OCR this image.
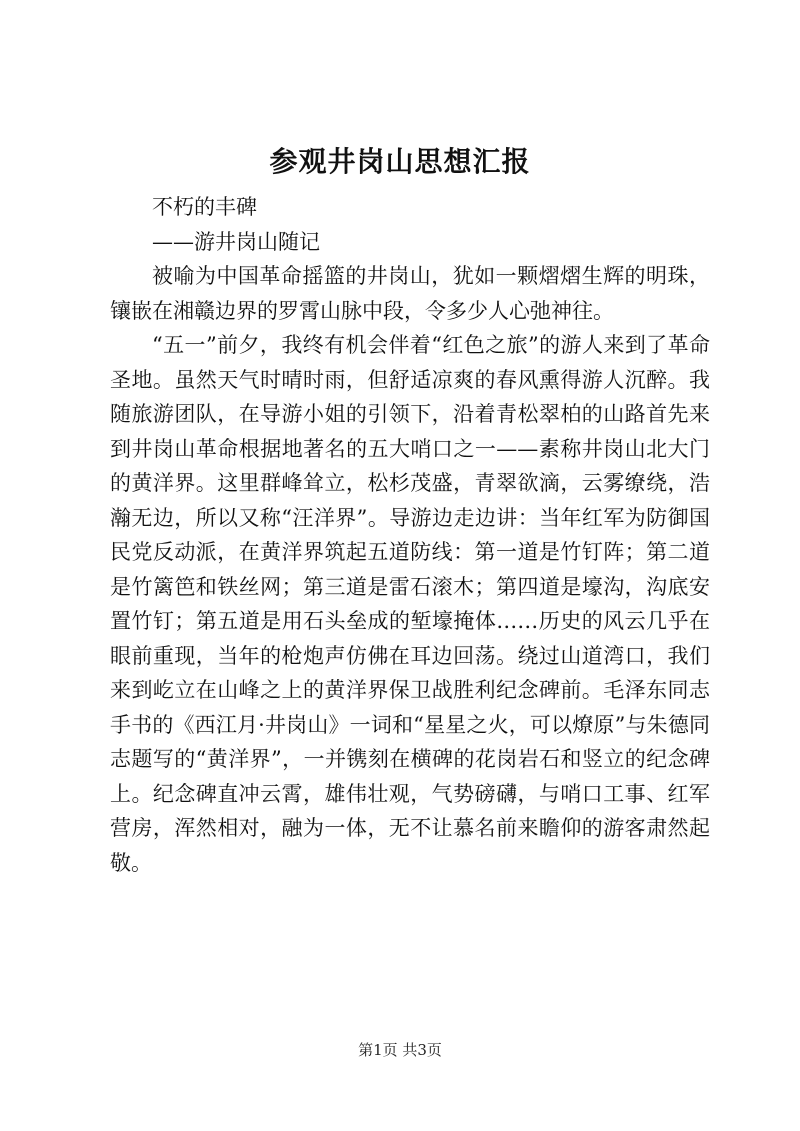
参观井岗山思想汇报

不朽的丰碑

——游井岗山随记

被喻为中国革命摇篮的井岗山，犹如一颗熠熠生辉的明珠，镶嵌在湘赣边界的罗霄山脉中段，令多少人心弛神往。

“五一”前夕，我终有机会伴着“红色之旅”的游人来到了革命圣地。虽然天气时晴时雨，但舒适凉爽的春风熏得游人沉醉。我随旅游团队，在导游小姐的引领下，沿着青松翠柏的山路首先来到井岗山革命根据地著名的五大哨口之一——素称井岗山北大门的黄洋界。这里群峰耸立，松杉茂盛，青翠欲滴，云雾缭绕，浩瀚无边，所以又称“汪洋界”。导游边走边讲：当年红军为防御国民党反动派，在黄洋界筑起五道防线：第一道是竹钉阵；第二道是竹篱笆和铁丝网；第三道是雷石滚木；第四道是壕沟，沟底安置竹钉；第五道是用石头垒成的堑壕掩体……历史的风云几乎在眼前重现，当年的枪炮声仿佛在耳边回荡。绕过山道湾口，我们来到屹立在山峰之上的黄洋界保卫战胜利纪念碑前。毛泽东同志手书的《西江月·井岗山》一词和“星星之火，可以燎原”与朱德同志题写的“黄洋界”，一并镌刻在横碑的花岗岩石和竖立的纪念碑上。纪念碑直冲云霄，雄伟壮观，气势磅礴，与哨口工事、红军营房，浑然相对，融为一体，无不让慕名前来瞻仰的游客肃然起敬。

第1页 共3页
